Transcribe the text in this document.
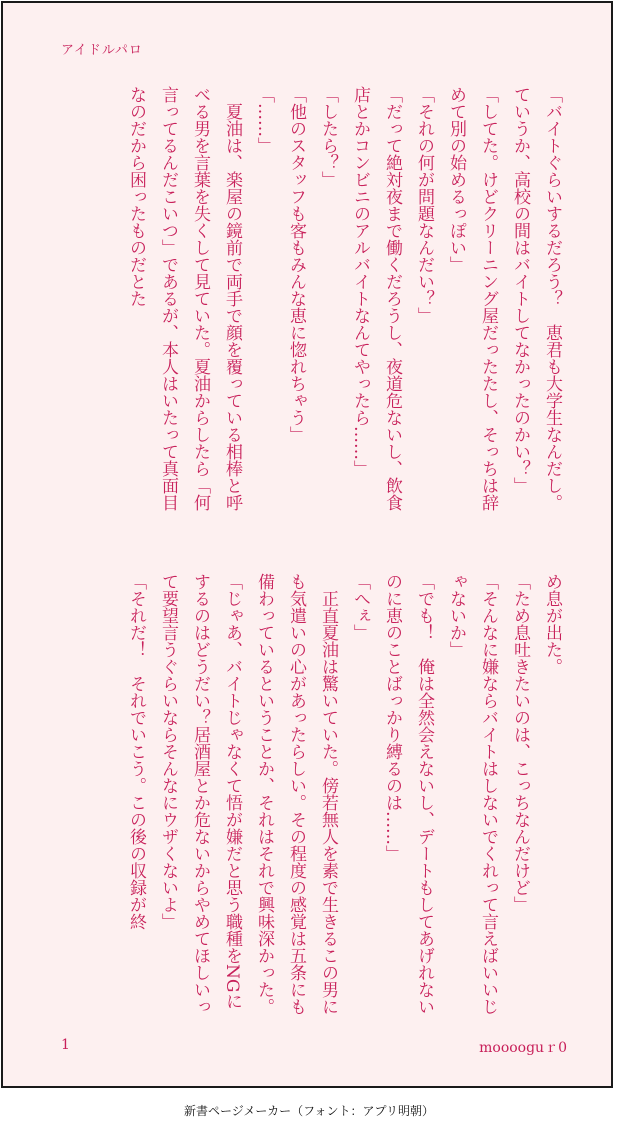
アイドルパロ

「バイトぐらいするだろう？　恵君も大学生なんだし。　ていうか、高校の間はバイトしてなかったのかい？」

「してた。けどクリーニング屋だったたし、そっちは辞めて別の始めるっぽい」

「それの何が問題なんだい？」

「だって絶対夜まで働くだろうし、夜道危ないし、飲食店とかコンビニのアルバイトなんてやったら……」

「したら？」

「他のスタッフも客もみんな恵に惚れちゃう」

「……」

　夏油は、楽屋の鏡前で両手で顔を覆っている相棒と呼べる男を言葉を失くして見ていた。夏油からしたら「何言ってるんだこいつ」であるが、本人はいたって真面目なのだから困ったものだとた

め息が出た。

「ため息吐きたいのは、こっちなんだけど」

「そんなに嫌ならバイトはしないでくれって言えばいいじゃないか」

「でも！　俺は全然会えないし、デートもしてあげれないのに恵のことばっかり縛るのは……」

「へぇ」

　正直夏油は驚いていた。傍若無人を素で生きるこの男にも気遣いの心があったらしい。その程度の感覚は五条にも備わっているということか、それはそれで興味深かった。

「じゃあ、バイトじゃなくて悟が嫌だと思う職種をNGにするのはどうだい？居酒屋とか危ないからやめてほしいって要望言うぐらいならそんなにウザくないよ」

「それだ！　それでいこう。この後の収録が終

1	mooooguｒ0
新書ページメーカー（フォント：アプリ明朝）
